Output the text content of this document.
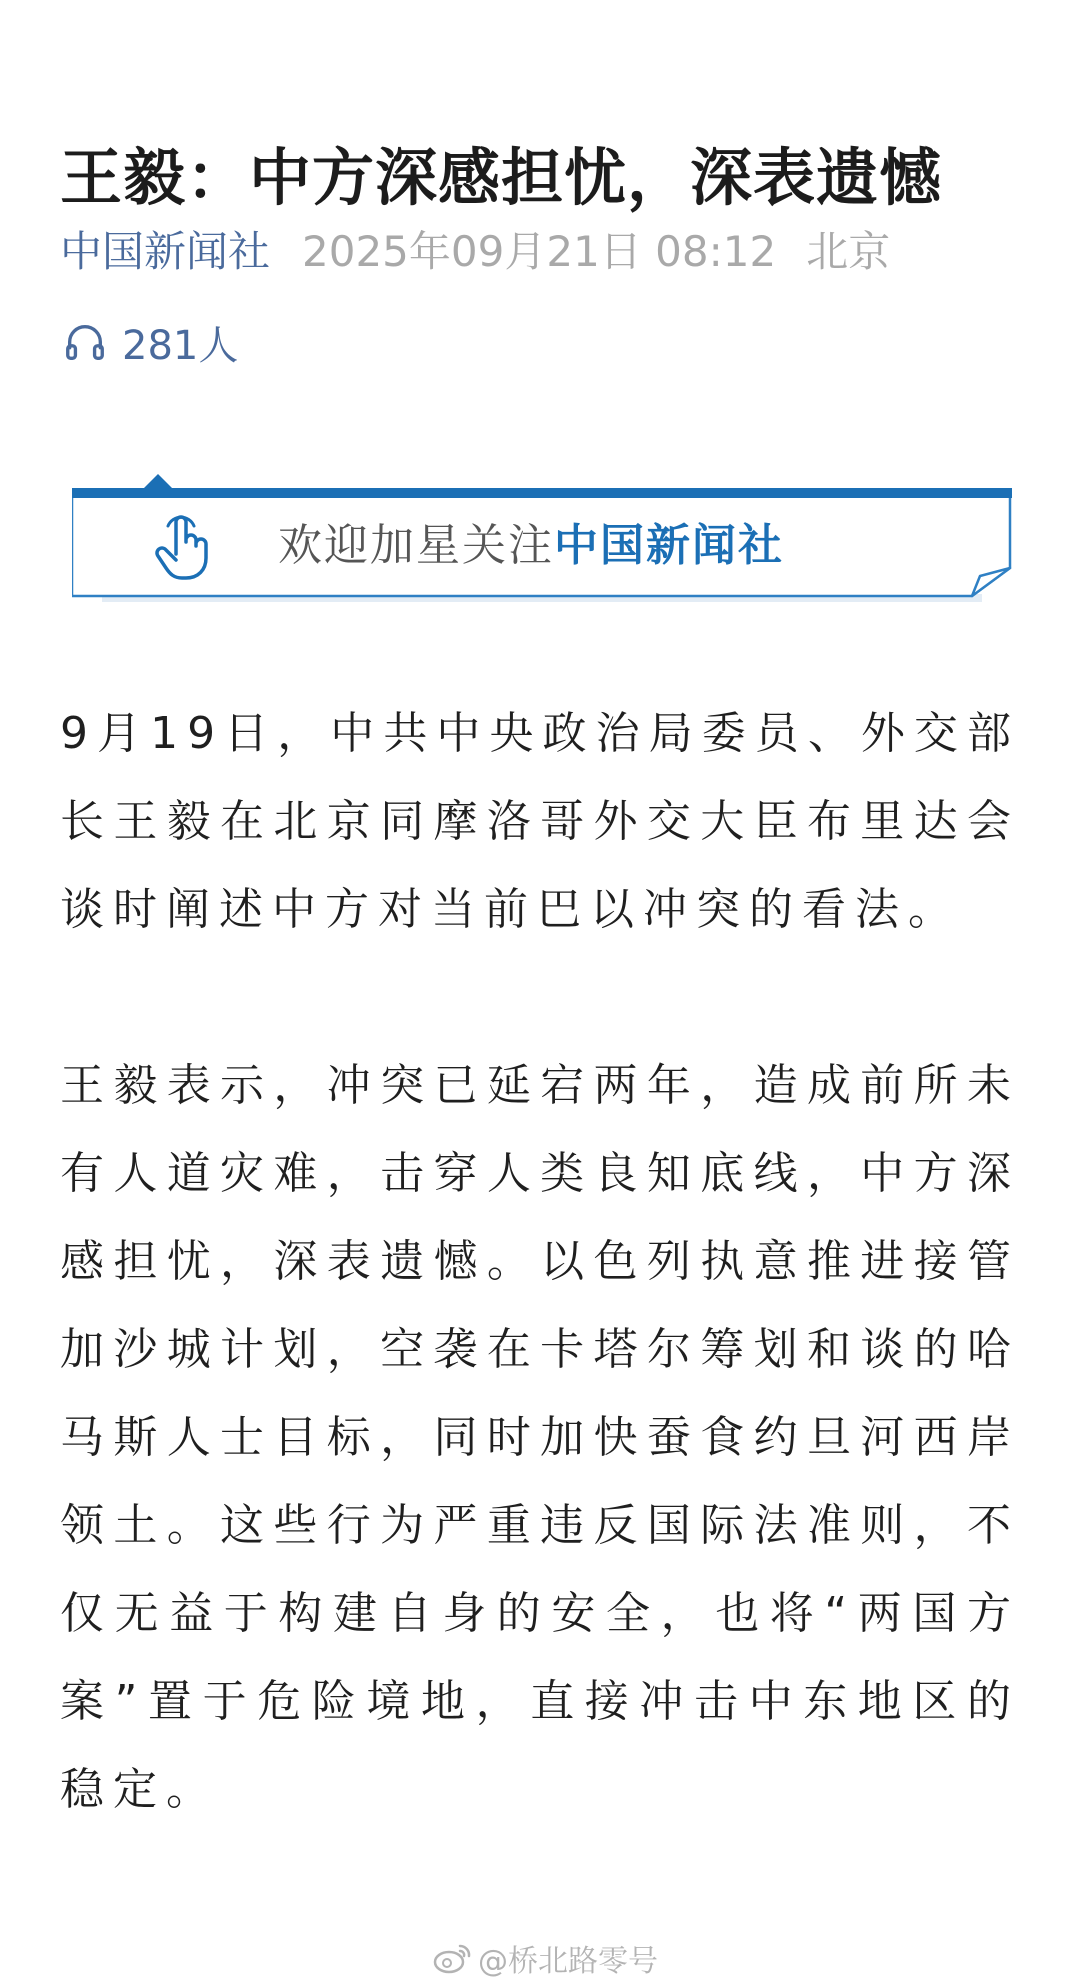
王毅：中方深感担忧，深表遗憾
中国新闻社 2025年09月21日 08:12 北京
281人
欢迎加星关注中国新闻社

9月19日，中共中央政治局委员、外交部长王毅在北京同摩洛哥外交大臣布里达会谈时阐述中方对当前巴以冲突的看法。

王毅表示，冲突已延宕两年，造成前所未有人道灾难，击穿人类良知底线，中方深感担忧，深表遗憾。以色列执意推进接管加沙城计划，空袭在卡塔尔筹划和谈的哈马斯人士目标，同时加快蚕食约旦河西岸领土。这些行为严重违反国际法准则，不仅无益于构建自身的安全，也将“两国方案”置于危险境地，直接冲击中东地区的稳定。

@桥北路零号
